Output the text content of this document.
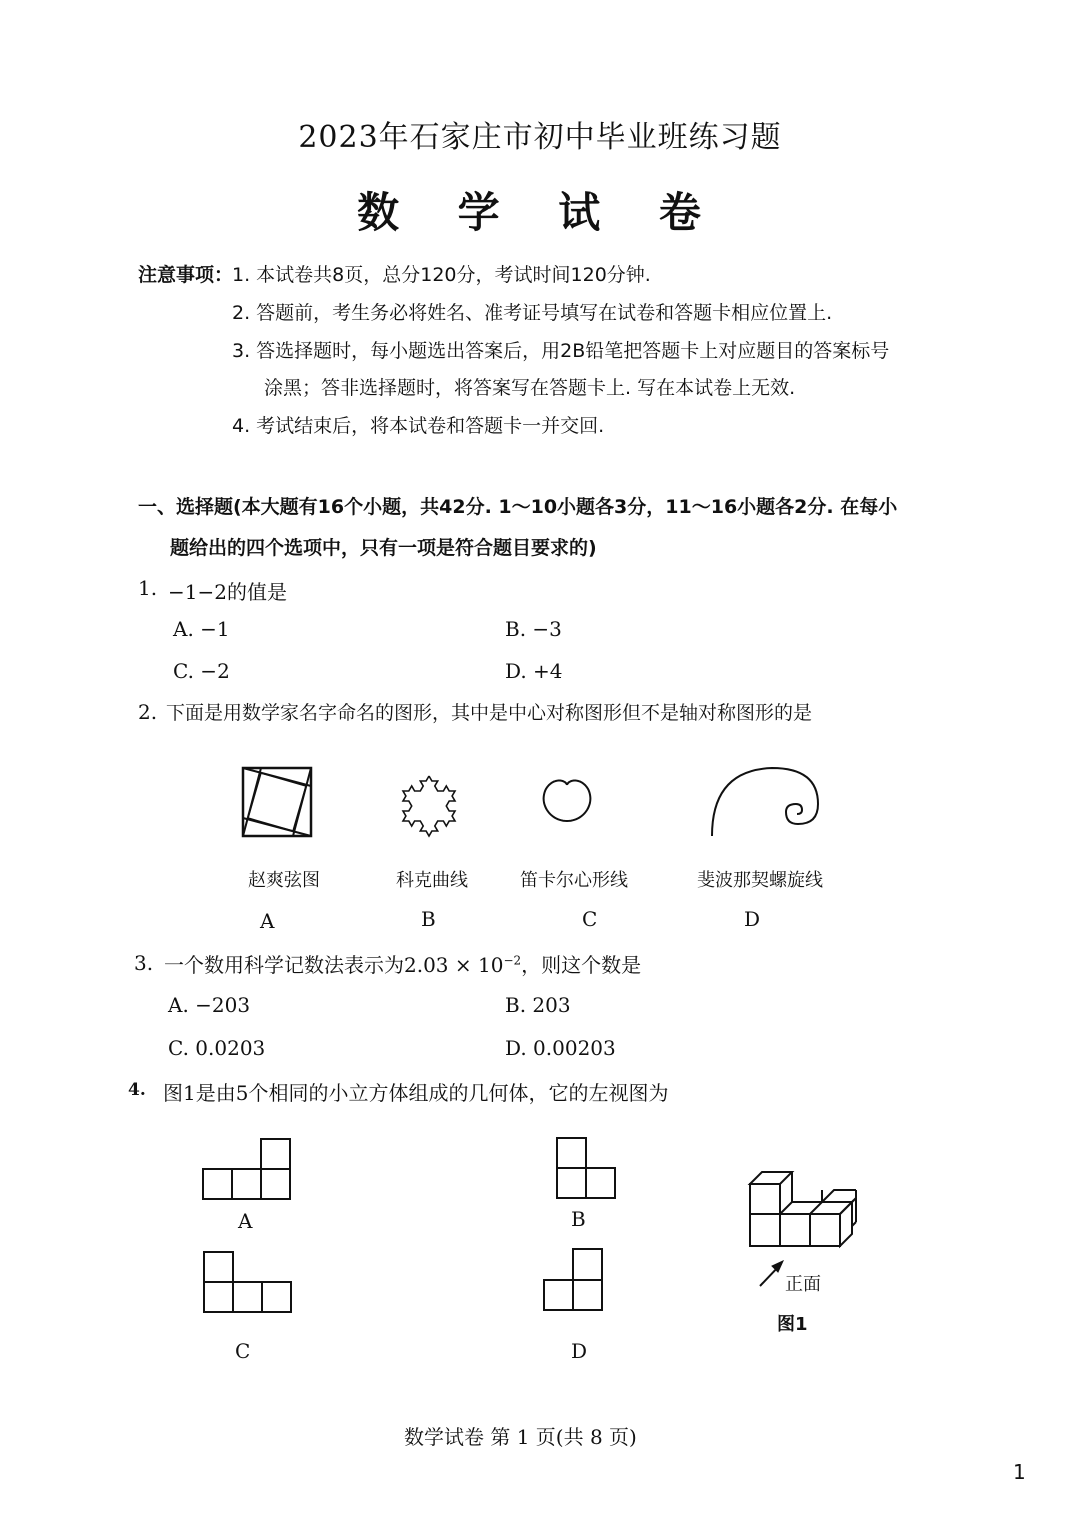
2023年石家庄市初中毕业班练习题
数 学 试 卷
注意事项：
1. 本试卷共8页，总分120分，考试时间120分钟.
2. 答题前，考生务必将姓名、准考证号填写在试卷和答题卡相应位置上.
3. 答选择题时，每小题选出答案后，用2B铅笔把答题卡上对应题目的答案标号
涂黑；答非选择题时，将答案写在答题卡上. 写在本试卷上无效.
4. 考试结束后，将本试卷和答题卡一并交回.
一、选择题(本大题有16个小题，共42分. 1～10小题各3分，11～16小题各2分. 在每小
题给出的四个选项中，只有一项是符合题目要求的)
1. −1−2的值是
A. −1	B. −3
C. −2	D. +4
2. 下面是用数学家名字命名的图形，其中是中心对称图形但不是轴对称图形的是
赵爽弦图	科克曲线	笛卡尔心形线	斐波那契螺旋线
A	B	C	D
3. 一个数用科学记数法表示为$2.03 \times 10^{-2}$，则这个数是
A. −203	B. 203
C. 0.0203	D. 0.00203
4. 图1是由5个相同的小立方体组成的几何体，它的左视图为
A	B
C	D
正面
图1
数学试卷 第 1 页(共 8 页)
1
